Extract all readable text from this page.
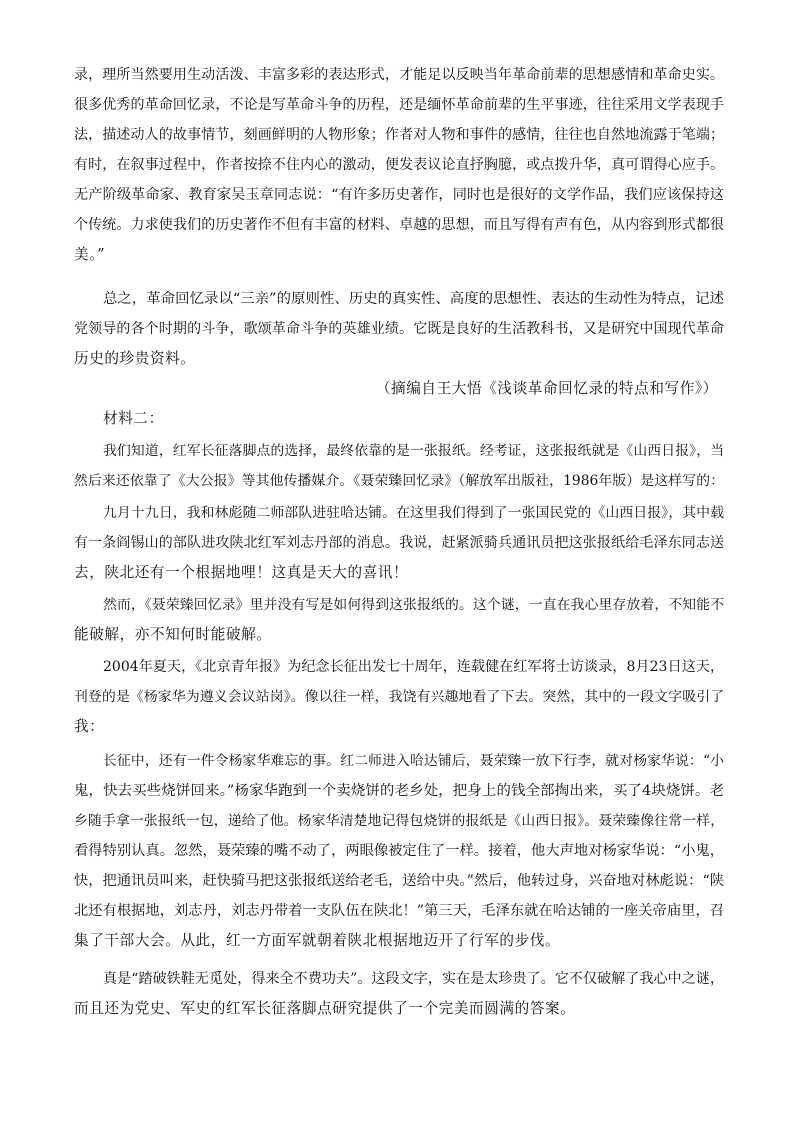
录，理所当然要用生动活泼、丰富多彩的表达形式，才能足以反映当年革命前辈的思想感情和革命史实。
很多优秀的革命回忆录，不论是写革命斗争的历程，还是缅怀革命前辈的生平事迹，往往采用文学表现手
法，描述动人的故事情节，刻画鲜明的人物形象；作者对人物和事件的感情，往往也自然地流露于笔端；
有时，在叙事过程中，作者按捺不住内心的激动，便发表议论直抒胸臆，或点拨升华，真可谓得心应手。
无产阶级革命家、教育家吴玉章同志说：“有许多历史著作，同时也是很好的文学作品，我们应该保持这
个传统。力求使我们的历史著作不但有丰富的材料、卓越的思想，而且写得有声有色，从内容到形式都很
美。”
总之，革命回忆录以“三亲”的原则性、历史的真实性、高度的思想性、表达的生动性为特点，记述
党领导的各个时期的斗争，歌颂革命斗争的英雄业绩。它既是良好的生活教科书，又是研究中国现代革命
历史的珍贵资料。
（摘编自王大悟《浅谈革命回忆录的特点和写作》）
材料二：
我们知道，红军长征落脚点的选择，最终依靠的是一张报纸。经考证，这张报纸就是《山西日报》，当
然后来还依靠了《大公报》等其他传播媒介。《聂荣臻回忆录》（解放军出版社，1986年版）是这样写的：
九月十九日，我和林彪随二师部队进驻哈达铺。在这里我们得到了一张国民党的《山西日报》，其中载
有一条阎锡山的部队进攻陕北红军刘志丹部的消息。我说，赶紧派骑兵通讯员把这张报纸给毛泽东同志送
去，陕北还有一个根据地哩！这真是天大的喜讯！
然而，《聂荣臻回忆录》里并没有写是如何得到这张报纸的。这个谜，一直在我心里存放着，不知能不
能破解，亦不知何时能破解。
2004年夏天，《北京青年报》为纪念长征出发七十周年，连载健在红军将士访谈录，8月23日这天，
刊登的是《杨家华为遵义会议站岗》。像以往一样，我饶有兴趣地看了下去。突然，其中的一段文字吸引了
我：
长征中，还有一件令杨家华难忘的事。红二师进入哈达铺后，聂荣臻一放下行李，就对杨家华说：“小
鬼，快去买些烧饼回来。”杨家华跑到一个卖烧饼的老乡处，把身上的钱全部掏出来，买了4块烧饼。老
乡随手拿一张报纸一包，递给了他。杨家华清楚地记得包烧饼的报纸是《山西日报》。聂荣臻像往常一样，
看得特别认真。忽然，聂荣臻的嘴不动了，两眼像被定住了一样。接着，他大声地对杨家华说：“小鬼，
快，把通讯员叫来，赶快骑马把这张报纸送给老毛，送给中央。”然后，他转过身，兴奋地对林彪说：“陕
北还有根据地，刘志丹，刘志丹带着一支队伍在陕北！”第三天，毛泽东就在哈达铺的一座关帝庙里，召
集了干部大会。从此，红一方面军就朝着陕北根据地迈开了行军的步伐。
真是“踏破铁鞋无觅处，得来全不费功夫”。这段文字，实在是太珍贵了。它不仅破解了我心中之谜，
而且还为党史、军史的红军长征落脚点研究提供了一个完美而圆满的答案。
